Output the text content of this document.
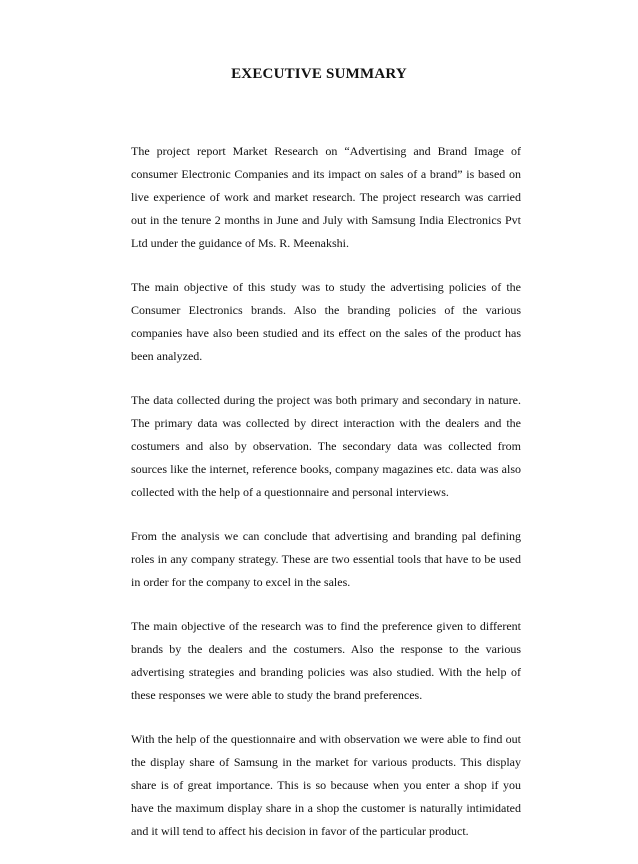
EXECUTIVE SUMMARY

The project report Market Research on “Advertising and Brand Image of consumer Electronic Companies and its impact on sales of a brand” is based on live experience of work and market research. The project research was carried out in the tenure 2 months in June and July with Samsung India Electronics Pvt Ltd under the guidance of Ms. R. Meenakshi.

The main objective of this study was to study the advertising policies of the Consumer Electronics brands. Also the branding policies of the various companies have also been studied and its effect on the sales of the product has been analyzed.

The data collected during the project was both primary and secondary in nature. The primary data was collected by direct interaction with the dealers and the costumers and also by observation. The secondary data was collected from sources like the internet, reference books, company magazines etc. data was also collected with the help of a questionnaire and personal interviews.

From the analysis we can conclude that advertising and branding pal defining roles in any company strategy. These are two essential tools that have to be used in order for the company to excel in the sales.

The main objective of the research was to find the preference given to different brands by the dealers and the costumers. Also the response to the various advertising strategies and branding policies was also studied. With the help of these responses we were able to study the brand preferences.

With the help of the questionnaire and with observation we were able to find out the display share of Samsung in the market for various products. This display share is of great importance. This is so because when you enter a shop if you have the maximum display share in a shop the customer is naturally intimidated and it will tend to affect his decision in favor of the particular product.
